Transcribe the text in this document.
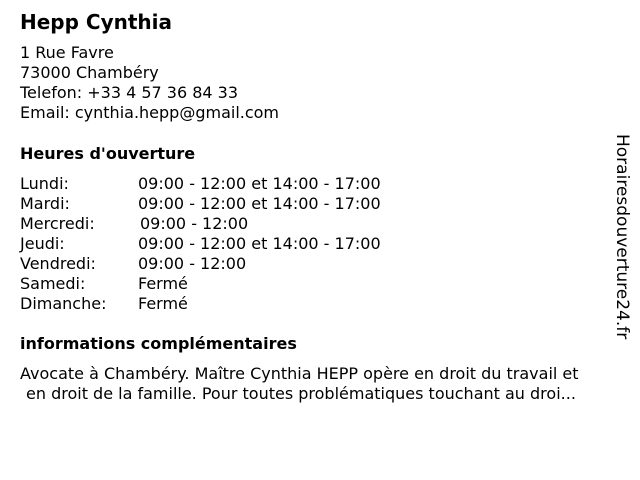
Hepp Cynthia
1 Rue Favre
73000 Chambéry
Telefon: +33 4 57 36 84 33
Email: cynthia.hepp@gmail.com
Heures d'ouverture
Lundi:	09:00 - 12:00 et 14:00 - 17:00
Mardi:	09:00 - 12:00 et 14:00 - 17:00
Mercredi:	09:00 - 12:00
Jeudi:	09:00 - 12:00 et 14:00 - 17:00
Vendredi:	09:00 - 12:00
Samedi:	Fermé
Dimanche: Fermé
informations complémentaires
Avocate à Chambéry. Maître Cynthia HEPP opère en droit du travail et
en droit de la famille. Pour toutes problématiques touchant au droi...
Horairesdouverture24.fr
